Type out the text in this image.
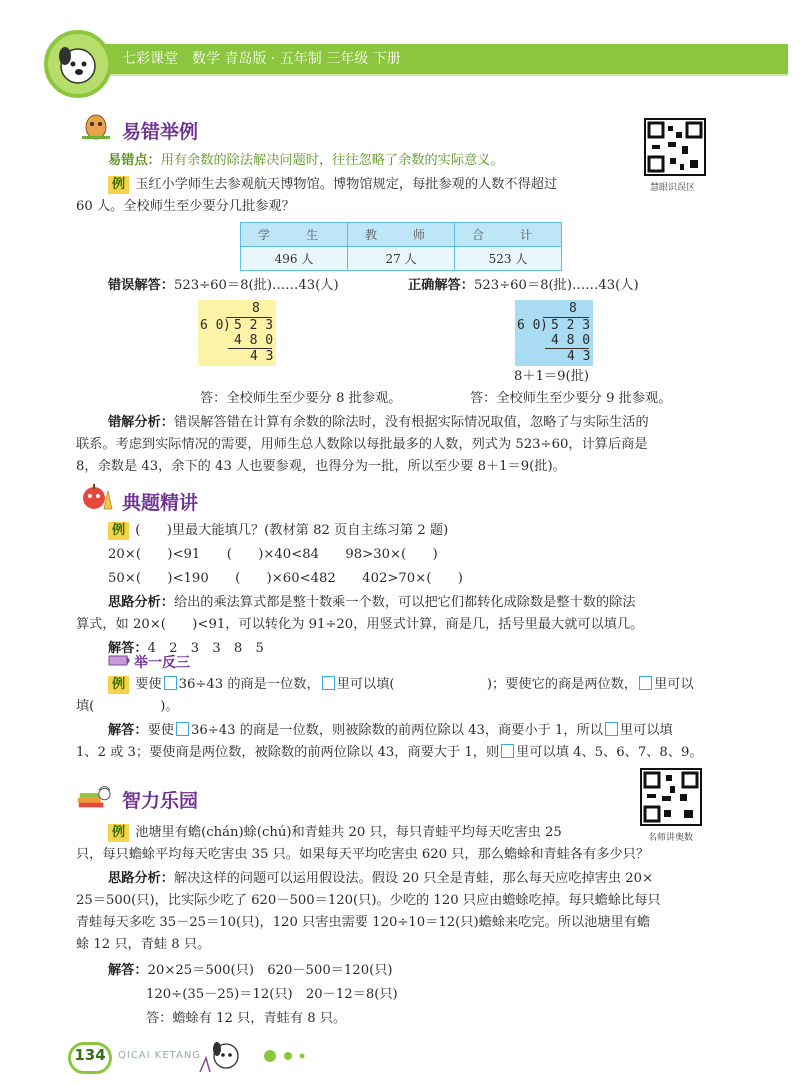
七彩课堂　数学 青岛版 · 五年制 三年级 下册
易错举例
慧眼识误区
易错点：用有余数的除法解决问题时，往往忽略了余数的实际意义。
例 玉红小学师生去参观航天博物馆。博物馆规定，每批参观的人数不得超过
60 人。全校师生至少要分几批参观？
学　生	教　师	合　计
496 人	27 人	523 人
错误解答：523÷60＝8(批)……43(人)	正确解答：523÷60＝8(批)……43(人)
8
6 0 ) 5 2 3
4 8 0
4 3
8
6 0 ) 5 2 3
4 8 0
4 3
8＋1＝9(批)
答：全校师生至少要分 8 批参观。	答：全校师生至少要分 9 批参观。
错解分析：错误解答错在计算有余数的除法时，没有根据实际情况取值，忽略了与实际生活的
联系。考虑到实际情况的需要，用师生总人数除以每批最多的人数，列式为 523÷60，计算后商是
8，余数是 43，余下的 43 人也要参观，也得分为一批，所以至少要 8＋1＝9(批)。
典题精讲
例 (　　)里最大能填几？(教材第 82 页自主练习第 2 题)
20×(　　)<91　　(　　)×40<84　　98>30×(　　)
50×(　　)<190　　(　　)×60<482　　402>70×(　　)
思路分析：给出的乘法算式都是整十数乘一个数，可以把它们都转化成除数是整十数的除法
算式，如 20×(　　)<91，可以转化为 91÷20，用竖式计算，商是几，括号里最大就可以填几。
解答：4　2　3　3　8　5
举一反三
例 要使 36÷43 的商是一位数， 里可以填(　　　　　　　)；要使它的商是两位数， 里可以
填(　　　　　)。
解答：要使 36÷43 的商是一位数，则被除数的前两位除以 43，商要小于 1，所以 里可以填
1、2 或 3；要使商是两位数，被除数的前两位除以 43，商要大于 1，则 里可以填 4、5、6、7、8、9。
智力乐园
名师讲奥数
例 池塘里有蟾(chán)蜍(chú)和青蛙共 20 只，每只青蛙平均每天吃害虫 25
只，每只蟾蜍平均每天吃害虫 35 只。如果每天平均吃害虫 620 只，那么蟾蜍和青蛙各有多少只？
思路分析：解决这样的问题可以运用假设法。假设 20 只全是青蛙，那么每天应吃掉害虫 20×
25＝500(只)，比实际少吃了 620－500＝120(只)。少吃的 120 只应由蟾蜍吃掉。每只蟾蜍比每只
青蛙每天多吃 35－25＝10(只)，120 只害虫需要 120÷10＝12(只)蟾蜍来吃完。所以池塘里有蟾
蜍 12 只，青蛙 8 只。
解答：20×25＝500(只)　620－500＝120(只)
120÷(35－25)＝12(只)　20－12＝8(只)
答：蟾蜍有 12 只，青蛙有 8 只。
134	QICAI KETANG
